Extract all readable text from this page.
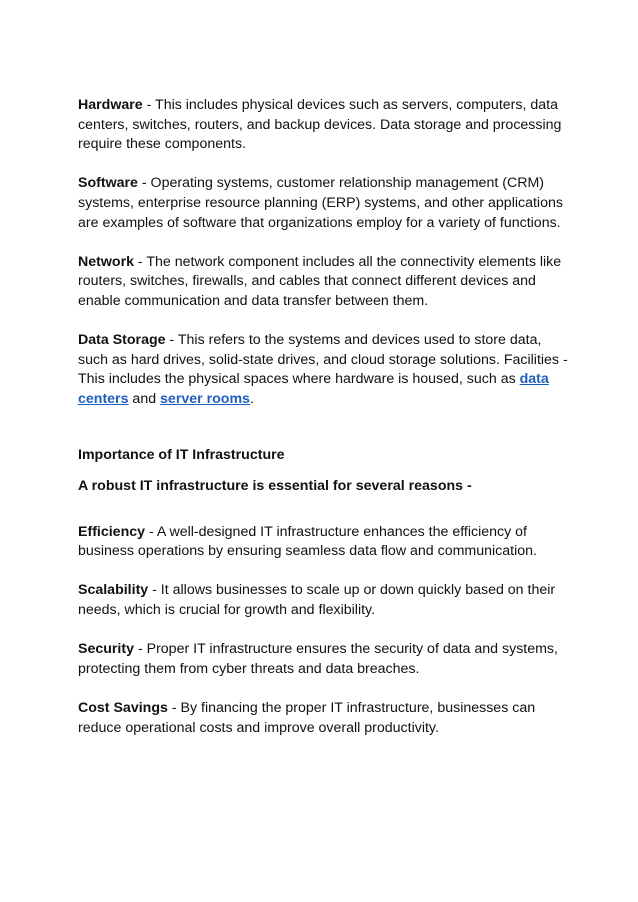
Hardware - This includes physical devices such as servers, computers, data centers, switches, routers, and backup devices. Data storage and processing require these components.

Software - Operating systems, customer relationship management (CRM) systems, enterprise resource planning (ERP) systems, and other applications are examples of software that organizations employ for a variety of functions.

Network - The network component includes all the connectivity elements like routers, switches, firewalls, and cables that connect different devices and enable communication and data transfer between them.

Data Storage - This refers to the systems and devices used to store data, such as hard drives, solid-state drives, and cloud storage solutions. Facilities - This includes the physical spaces where hardware is housed, such as data centers and server rooms.

Importance of IT Infrastructure

A robust IT infrastructure is essential for several reasons -

Efficiency - A well-designed IT infrastructure enhances the efficiency of business operations by ensuring seamless data flow and communication.

Scalability - It allows businesses to scale up or down quickly based on their needs, which is crucial for growth and flexibility.

Security - Proper IT infrastructure ensures the security of data and systems, protecting them from cyber threats and data breaches.

Cost Savings - By financing the proper IT infrastructure, businesses can reduce operational costs and improve overall productivity.
